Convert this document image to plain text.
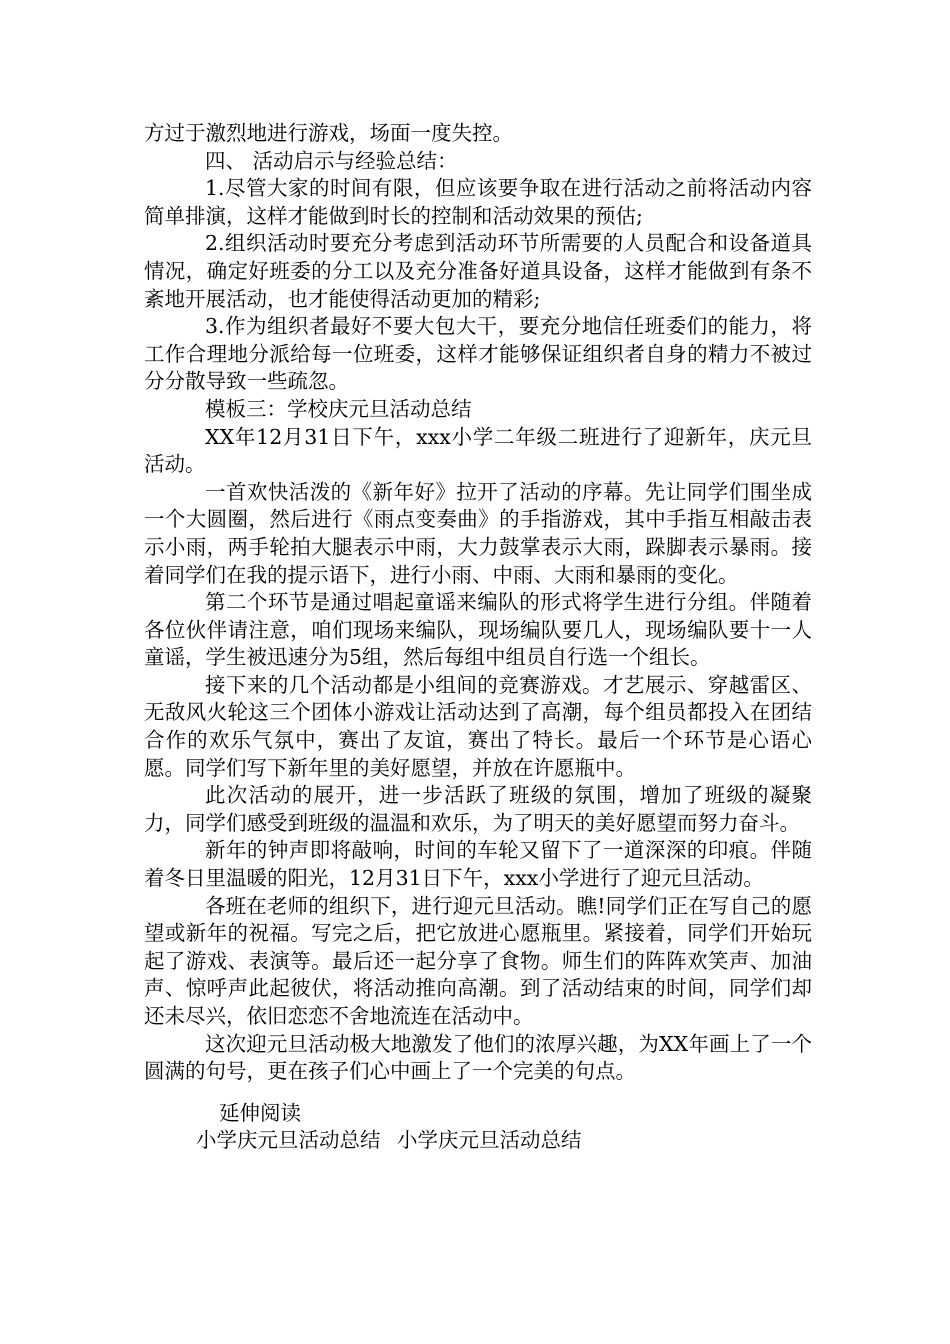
方过于激烈地进行游戏，场面一度失控。

四、 活动启示与经验总结：

1.尽管大家的时间有限，但应该要争取在进行活动之前将活动内容简单排演，这样才能做到时长的控制和活动效果的预估;

2.组织活动时要充分考虑到活动环节所需要的人员配合和设备道具情况，确定好班委的分工以及充分准备好道具设备，这样才能做到有条不紊地开展活动，也才能使得活动更加的精彩;

3.作为组织者最好不要大包大干，要充分地信任班委们的能力，将工作合理地分派给每一位班委，这样才能够保证组织者自身的精力不被过分分散导致一些疏忽。

模板三：学校庆元旦活动总结

XX年12月31日下午，xxx小学二年级二班进行了迎新年，庆元旦活动。

一首欢快活泼的《新年好》拉开了活动的序幕。先让同学们围坐成一个大圆圈，然后进行《雨点变奏曲》的手指游戏，其中手指互相敲击表示小雨，两手轮拍大腿表示中雨，大力鼓掌表示大雨，跺脚表示暴雨。接着同学们在我的提示语下，进行小雨、中雨、大雨和暴雨的变化。

第二个环节是通过唱起童谣来编队的形式将学生进行分组。伴随着各位伙伴请注意，咱们现场来编队，现场编队要几人，现场编队要十一人童谣，学生被迅速分为5组，然后每组中组员自行选一个组长。

接下来的几个活动都是小组间的竞赛游戏。才艺展示、穿越雷区、无敌风火轮这三个团体小游戏让活动达到了高潮，每个组员都投入在团结合作的欢乐气氛中，赛出了友谊，赛出了特长。最后一个环节是心语心愿。同学们写下新年里的美好愿望，并放在许愿瓶中。

此次活动的展开，进一步活跃了班级的氛围，增加了班级的凝聚力，同学们感受到班级的温温和欢乐，为了明天的美好愿望而努力奋斗。

新年的钟声即将敲响，时间的车轮又留下了一道深深的印痕。伴随着冬日里温暖的阳光，12月31日下午，xxx小学进行了迎元旦活动。

各班在老师的组织下，进行迎元旦活动。瞧!同学们正在写自己的愿望或新年的祝福。写完之后，把它放进心愿瓶里。紧接着，同学们开始玩起了游戏、表演等。最后还一起分享了食物。师生们的阵阵欢笑声、加油声、惊呼声此起彼伏，将活动推向高潮。到了活动结束的时间，同学们却还未尽兴，依旧恋恋不舍地流连在活动中。

这次迎元旦活动极大地激发了他们的浓厚兴趣，为XX年画上了一个圆满的句号，更在孩子们心中画上了一个完美的句点。

延伸阅读

小学庆元旦活动总结 小学庆元旦活动总结
